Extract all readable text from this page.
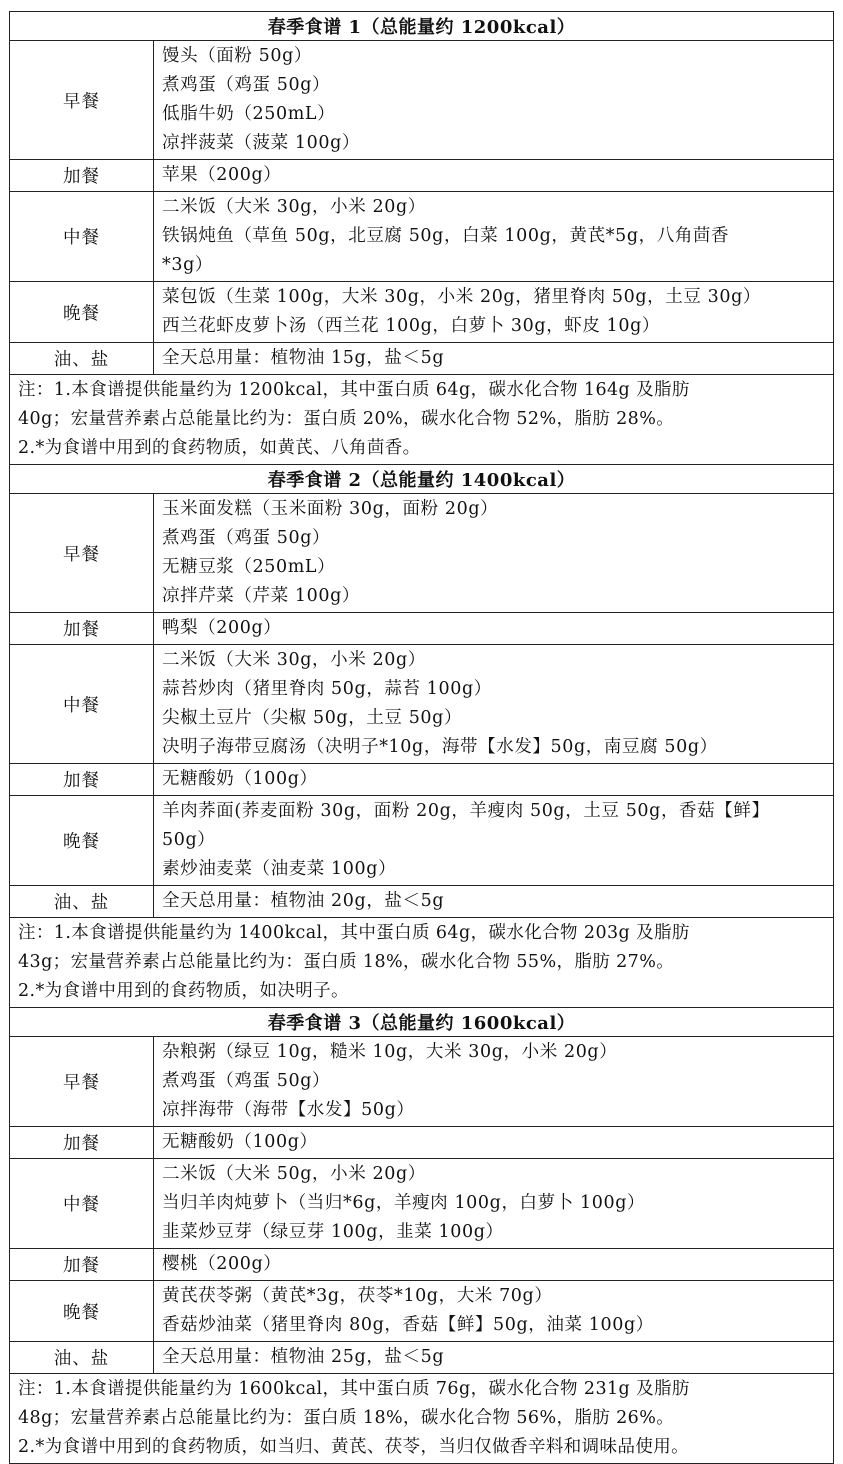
春季食谱 1（总能量约 1200kcal）	
早餐	馒头（面粉 50g）
煮鸡蛋（鸡蛋 50g）
低脂牛奶（250mL）
凉拌菠菜（菠菜 100g）

加餐	苹果（200g）

中餐	二米饭（大米 30g，小米 20g）
铁锅炖鱼（草鱼 50g，北豆腐 50g，白菜 100g，黄芪*5g，八角茴香
*3g）

晚餐	菜包饭（生菜 100g，大米 30g，小米 20g，猪里脊肉 50g，土豆 30g）
西兰花虾皮萝卜汤（西兰花 100g，白萝卜 30g，虾皮 10g）

油、盐	全天总用量：植物油 15g，盐＜5g

注：1.本食谱提供能量约为 1200kcal，其中蛋白质 64g，碳水化合物 164g 及脂肪
40g；宏量营养素占总能量比约为：蛋白质 20%，碳水化合物 52%，脂肪 28%。
2.*为食谱中用到的食药物质，如黄芪、八角茴香。	

春季食谱 2（总能量约 1400kcal）	
早餐	玉米面发糕（玉米面粉 30g，面粉 20g）
煮鸡蛋（鸡蛋 50g）
无糖豆浆（250mL）
凉拌芹菜（芹菜 100g）

加餐	鸭梨（200g）

中餐	二米饭（大米 30g，小米 20g）
蒜苔炒肉（猪里脊肉 50g，蒜苔 100g）
尖椒土豆片（尖椒 50g，土豆 50g）
决明子海带豆腐汤（决明子*10g，海带【水发】50g，南豆腐 50g）

加餐	无糖酸奶（100g）

晚餐	羊肉荞面(荞麦面粉 30g，面粉 20g，羊瘦肉 50g，土豆 50g，香菇【鲜】
50g）
素炒油麦菜（油麦菜 100g）

油、盐	全天总用量：植物油 20g，盐＜5g

注：1.本食谱提供能量约为 1400kcal，其中蛋白质 64g，碳水化合物 203g 及脂肪
43g；宏量营养素占总能量比约为：蛋白质 18%，碳水化合物 55%，脂肪 27%。
2.*为食谱中用到的食药物质，如决明子。	

春季食谱 3（总能量约 1600kcal）	
早餐	杂粮粥（绿豆 10g，糙米 10g，大米 30g，小米 20g）
煮鸡蛋（鸡蛋 50g）
凉拌海带（海带【水发】50g）

加餐	无糖酸奶（100g）

中餐	二米饭（大米 50g，小米 20g）
当归羊肉炖萝卜（当归*6g，羊瘦肉 100g，白萝卜 100g）
韭菜炒豆芽（绿豆芽 100g，韭菜 100g）

加餐	樱桃（200g）

晚餐	黄芪茯苓粥（黄芪*3g，茯苓*10g，大米 70g）
香菇炒油菜（猪里脊肉 80g，香菇【鲜】50g，油菜 100g）

油、盐	全天总用量：植物油 25g，盐＜5g

注：1.本食谱提供能量约为 1600kcal，其中蛋白质 76g，碳水化合物 231g 及脂肪
48g；宏量营养素占总能量比约为：蛋白质 18%，碳水化合物 56%，脂肪 26%。
2.*为食谱中用到的食药物质，如当归、黄芪、茯苓，当归仅做香辛料和调味品使用。	
